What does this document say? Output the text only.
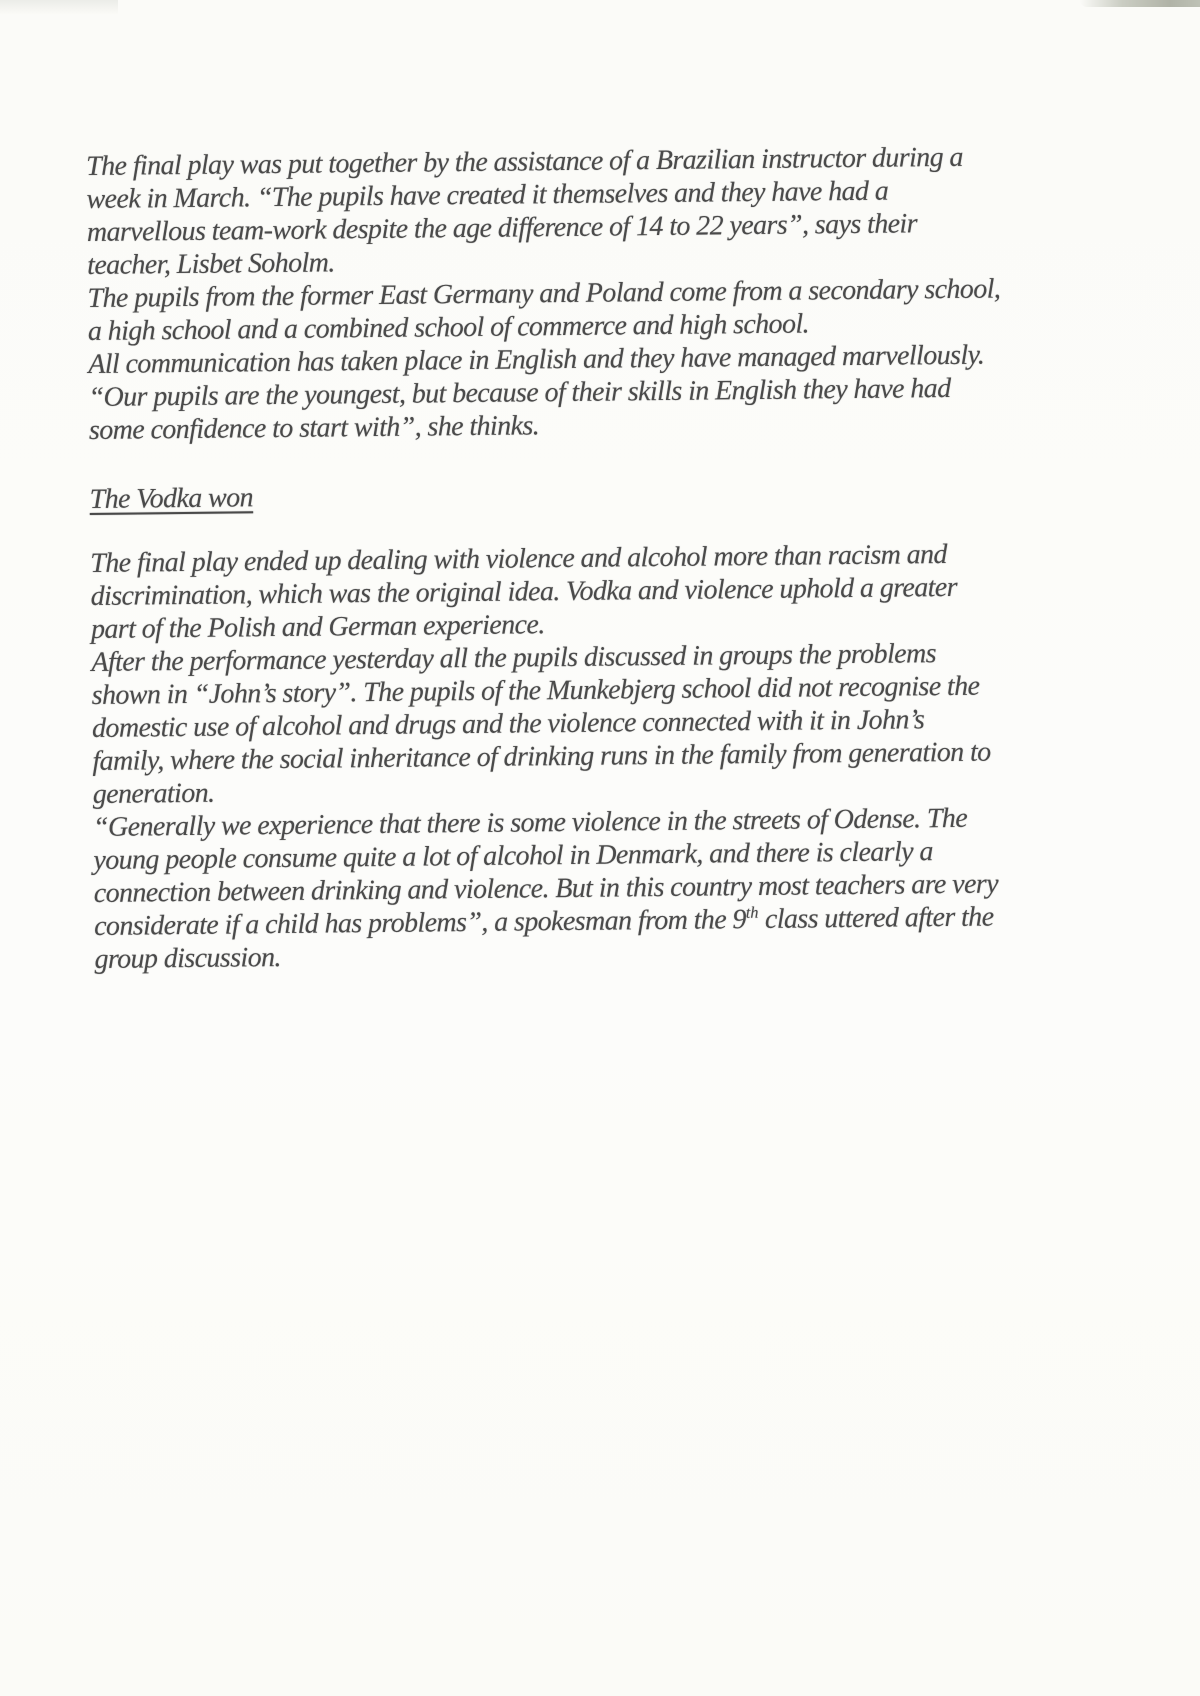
The final play was put together by the assistance of a Brazilian instructor during a
week in March. “The pupils have created it themselves and they have had a
marvellous team-work despite the age difference of 14 to 22 years”, says their
teacher, Lisbet Soholm.

The pupils from the former East Germany and Poland come from a secondary school,
a high school and a combined school of commerce and high school.

All communication has taken place in English and they have managed marvellously.

“Our pupils are the youngest, but because of their skills in English they have had
some confidence to start with”, she thinks.

The Vodka won

The final play ended up dealing with violence and alcohol more than racism and
discrimination, which was the original idea. Vodka and violence uphold a greater
part of the Polish and German experience.

After the performance yesterday all the pupils discussed in groups the problems
shown in “John’s story”. The pupils of the Munkebjerg school did not recognise the
domestic use of alcohol and drugs and the violence connected with it in John’s
family, where the social inheritance of drinking runs in the family from generation to
generation.

“Generally we experience that there is some violence in the streets of Odense. The
young people consume quite a lot of alcohol in Denmark, and there is clearly a
connection between drinking and violence. But in this country most teachers are very
considerate if a child has problems”, a spokesman from the 9th class uttered after the
group discussion.
